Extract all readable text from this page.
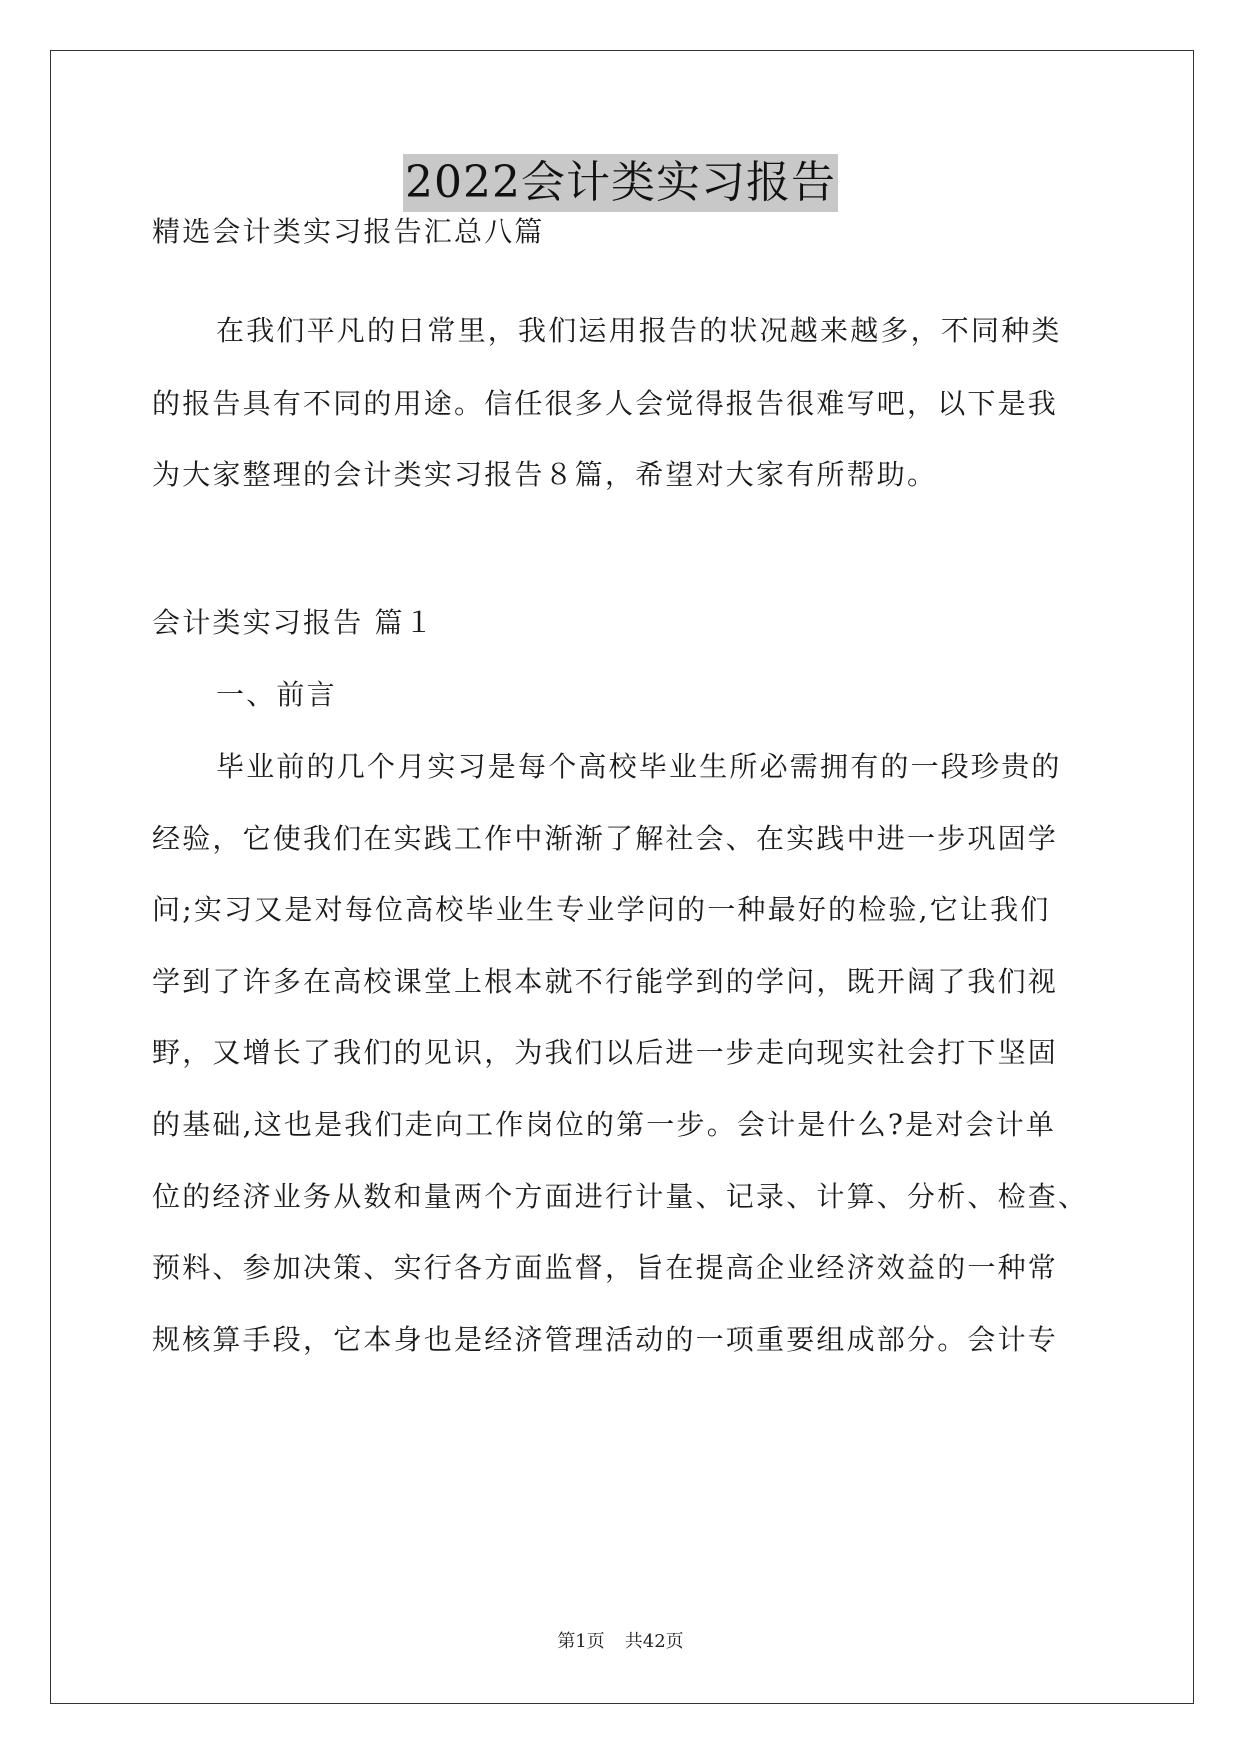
2022会计类实习报告
精选会计类实习报告汇总八篇
在我们平凡的日常里，我们运用报告的状况越来越多，不同种类
的报告具有不同的用途。信任很多人会觉得报告很难写吧，以下是我
为大家整理的会计类实习报告８篇，希望对大家有所帮助。
会计类实习报告 篇１
一、前言
毕业前的几个月实习是每个高校毕业生所必需拥有的一段珍贵的
经验，它使我们在实践工作中渐渐了解社会、在实践中进一步巩固学
问;实习又是对每位高校毕业生专业学问的一种最好的检验,它让我们
学到了许多在高校课堂上根本就不行能学到的学问，既开阔了我们视
野，又增长了我们的见识，为我们以后进一步走向现实社会打下坚固
的基础,这也是我们走向工作岗位的第一步。会计是什么?是对会计单
位的经济业务从数和量两个方面进行计量、记录、计算、分析、检查、
预料、参加决策、实行各方面监督，旨在提高企业经济效益的一种常
规核算手段，它本身也是经济管理活动的一项重要组成部分。会计专
第1页 共42页
